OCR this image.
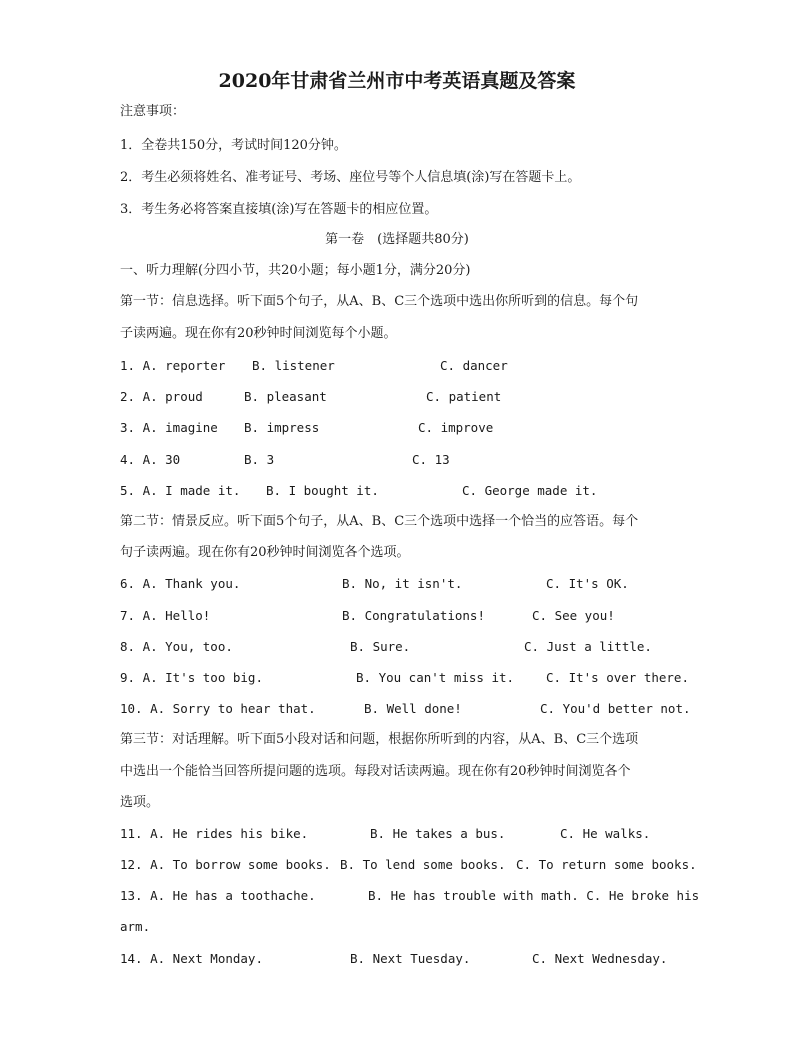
2020年甘肃省兰州市中考英语真题及答案
注意事项：
1．全卷共150分，考试时间120分钟。
2．考生必须将姓名、准考证号、考场、座位号等个人信息填(涂)写在答题卡上。
3．考生务必将答案直接填(涂)写在答题卡的相应位置。
第一卷　(选择题共80分)
一、听力理解(分四小节，共20小题；每小题1分，满分20分)
第一节：信息选择。听下面5个句子，从A、B、C三个选项中选出你所听到的信息。每个句
子读两遍。现在你有20秒钟时间浏览每个小题。
1. A. reporter B. listener	C. dancer
2. A. proud	B. pleasant	C. patient
3. A. imagine B. impress	C. improve
4. A. 30	B. 3	C. 13
5. A. I made it. B. I bought it.	C. George made it.
第二节：情景反应。听下面5个句子，从A、B、C三个选项中选择一个恰当的应答语。每个
句子读两遍。现在你有20秒钟时间浏览各个选项。
6. A. Thank you.	B. No, it isn't.	C. It's OK.
7. A. Hello!	B. Congratulations!	C. See you!
8. A. You, too.	B. Sure.	C. Just a little.
9. A. It's too big.	B. You can't miss it.	C. It's over there.
10. A. Sorry to hear that.	B. Well done!	C. You'd better not.
第三节：对话理解。听下面5小段对话和问题，根据你所听到的内容，从A、B、C三个选项
中选出一个能恰当回答所提问题的选项。每段对话读两遍。现在你有20秒钟时间浏览各个
选项。
11. A. He rides his bike.	B. He takes a bus.	C. He walks.
12. A. To borrow some books. B. To lend some books. C. To return some books.
13. A. He has a toothache.	B. He has trouble with math. C. He broke his
arm.
14. A. Next Monday.	B. Next Tuesday.	C. Next Wednesday.
